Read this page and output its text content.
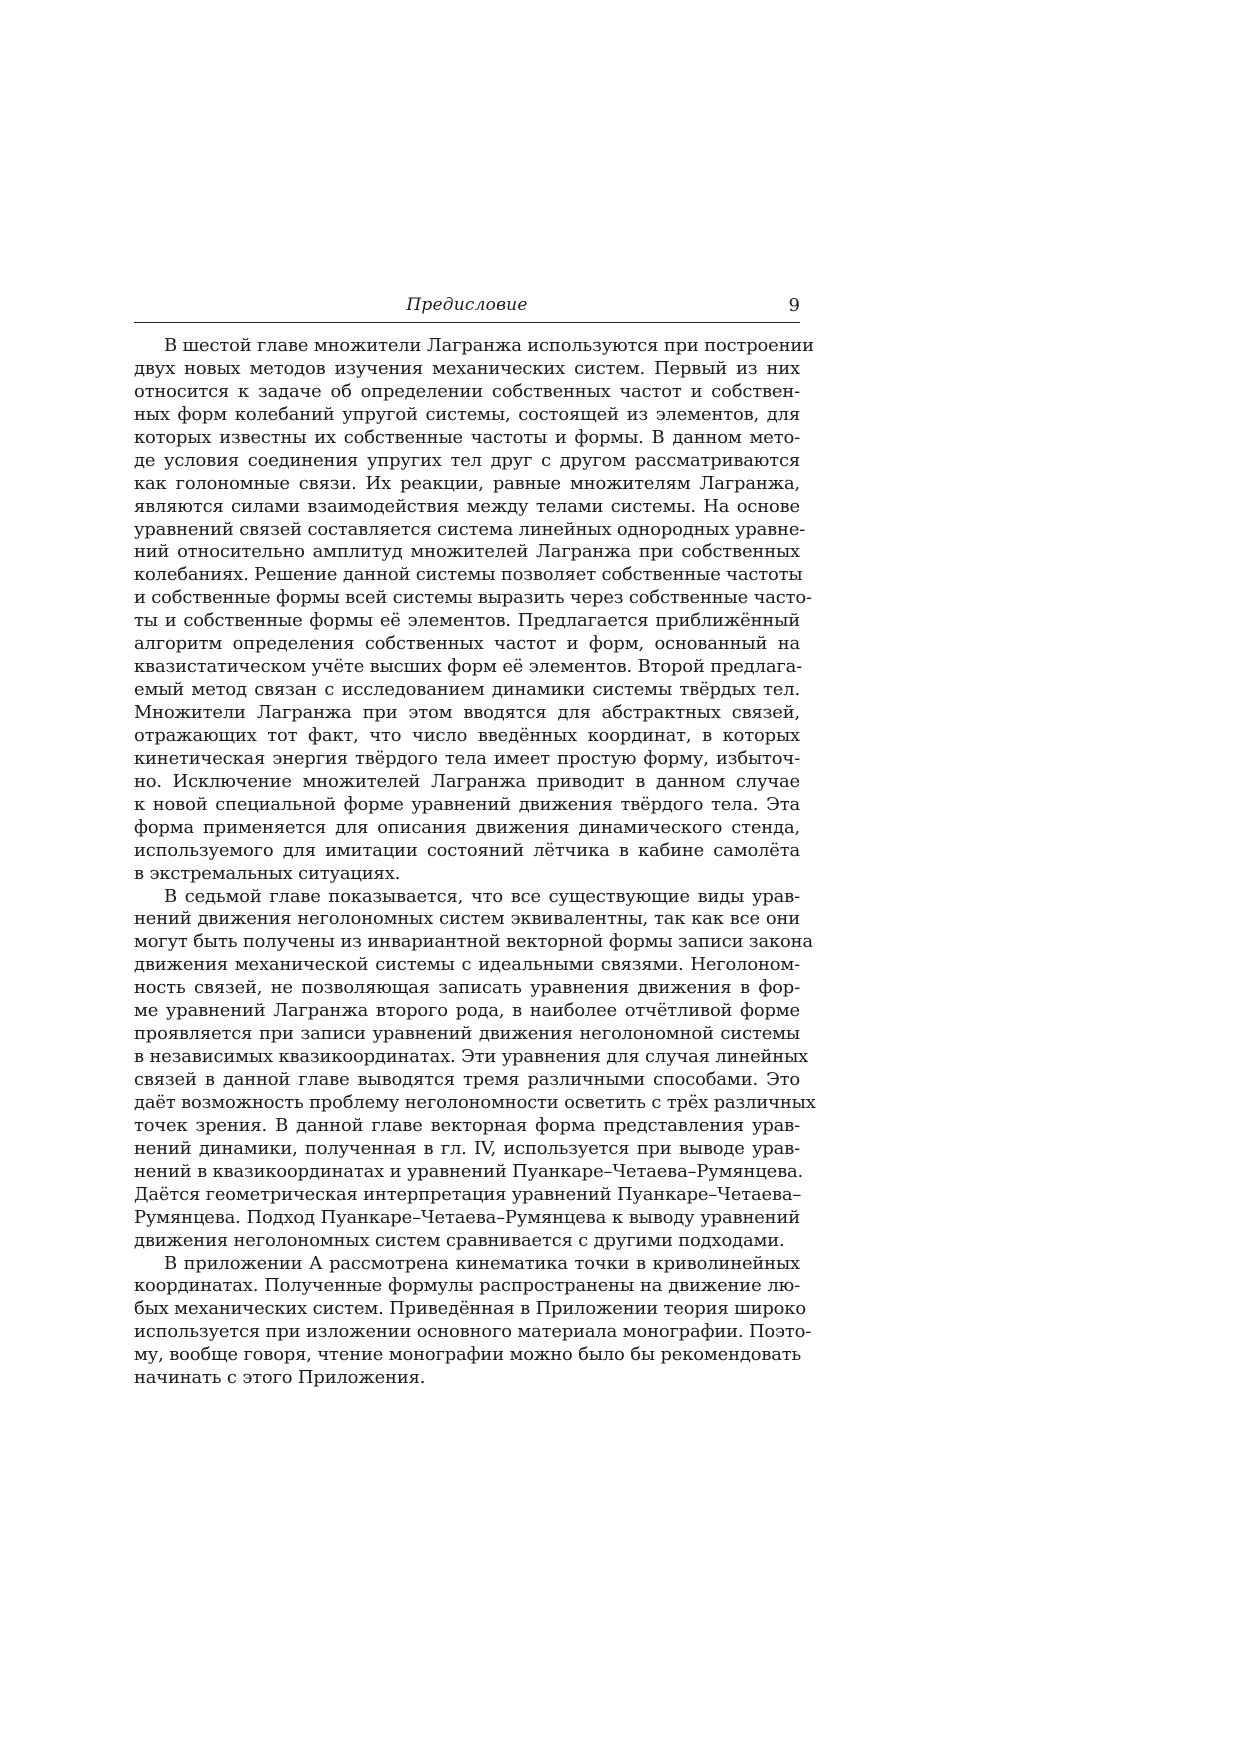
Предисловие	9
В шестой главе множители Лагранжа используются при построении
двух новых методов изучения механических систем. Первый из них
относится к задаче об определении собственных частот и собствен-
ных форм колебаний упругой системы, состоящей из элементов, для
которых известны их собственные частоты и формы. В данном мето-
де условия соединения упругих тел друг с другом рассматриваются
как голономные связи. Их реакции, равные множителям Лагранжа,
являются силами взаимодействия между телами системы. На основе
уравнений связей составляется система линейных однородных уравне-
ний относительно амплитуд множителей Лагранжа при собственных
колебаниях. Решение данной системы позволяет собственные частоты
и собственные формы всей системы выразить через собственные часто-
ты и собственные формы её элементов. Предлагается приближённый
алгоритм определения собственных частот и форм, основанный на
квазистатическом учёте высших форм её элементов. Второй предлага-
емый метод связан с исследованием динамики системы твёрдых тел.
Множители Лагранжа при этом вводятся для абстрактных связей,
отражающих тот факт, что число введённых координат, в которых
кинетическая энергия твёрдого тела имеет простую форму, избыточ-
но. Исключение множителей Лагранжа приводит в данном случае
к новой специальной форме уравнений движения твёрдого тела. Эта
форма применяется для описания движения динамического стенда,
используемого для имитации состояний лётчика в кабине самолёта
в экстремальных ситуациях.
В седьмой главе показывается, что все существующие виды урав-
нений движения неголономных систем эквивалентны, так как все они
могут быть получены из инвариантной векторной формы записи закона
движения механической системы с идеальными связями. Неголоном-
ность связей, не позволяющая записать уравнения движения в фор-
ме уравнений Лагранжа второго рода, в наиболее отчётливой форме
проявляется при записи уравнений движения неголономной системы
в независимых квазикоординатах. Эти уравнения для случая линейных
связей в данной главе выводятся тремя различными способами. Это
даёт возможность проблему неголономности осветить с трёх различных
точек зрения. В данной главе векторная форма представления урав-
нений динамики, полученная в гл. IV, используется при выводе урав-
нений в квазикоординатах и уравнений Пуанкаре–Четаева–Румянцева.
Даётся геометрическая интерпретация уравнений Пуанкаре–Четаева–
Румянцева. Подход Пуанкаре–Четаева–Румянцева к выводу уравнений
движения неголономных систем сравнивается с другими подходами.
В приложении А рассмотрена кинематика точки в криволинейных
координатах. Полученные формулы распространены на движение лю-
бых механических систем. Приведённая в Приложении теория широко
используется при изложении основного материала монографии. Поэто-
му, вообще говоря, чтение монографии можно было бы рекомендовать
начинать с этого Приложения.
